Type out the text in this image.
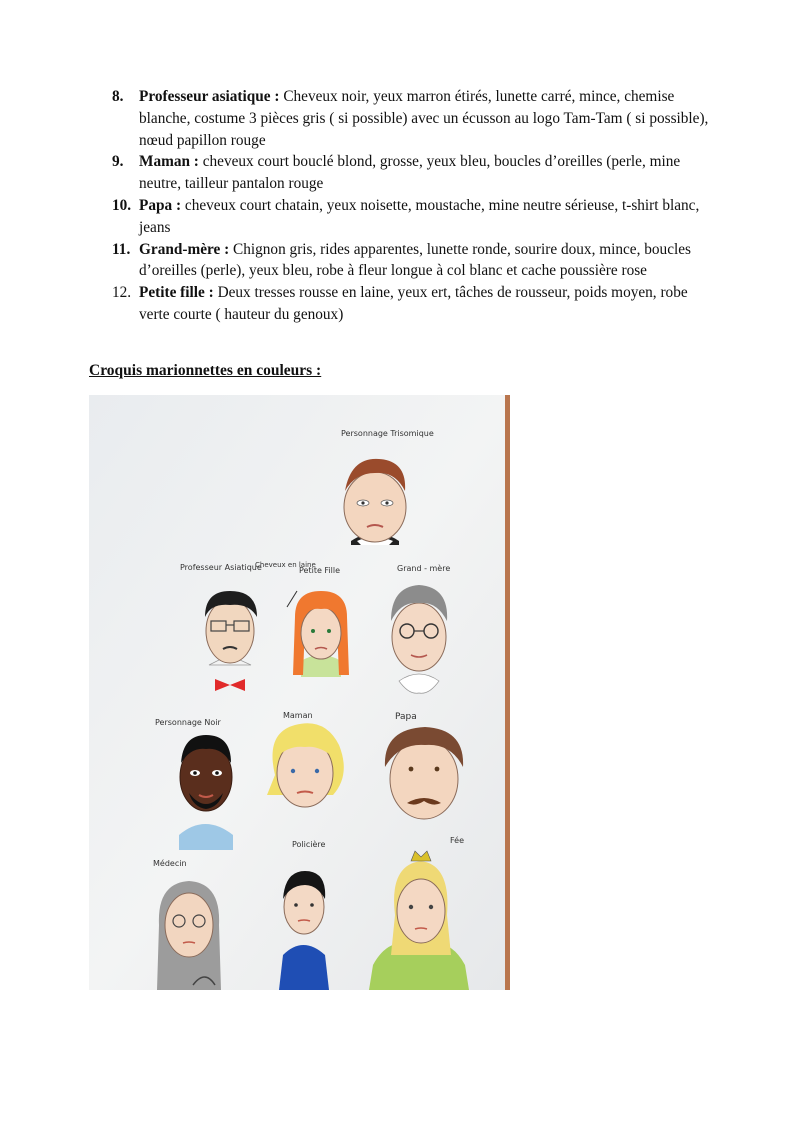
8. Professeur asiatique : Cheveux noir, yeux marron étirés, lunette carré, mince, chemise blanche, costume 3 pièces gris ( si possible) avec un écusson au logo Tam-Tam ( si possible), nœud papillon rouge
9. Maman : cheveux court bouclé blond, grosse, yeux bleu, boucles d’oreilles (perle, mine neutre, tailleur pantalon rouge
10. Papa : cheveux court chatain, yeux noisette, moustache, mine neutre sérieuse, t-shirt blanc, jeans
11. Grand-mère : Chignon gris, rides apparentes, lunette ronde, sourire doux, mince, boucles d’oreilles (perle), yeux bleu, robe à fleur longue à col blanc et cache poussière rose
12. Petite fille : Deux tresses rousse en laine, yeux ert, tâches de rousseur, poids moyen, robe verte courte ( hauteur du genoux)
Croquis marionnettes en couleurs :
Personnage Trisomique
Professeur Asiatique
Cheveux en laine
Petite Fille	Grand - mère
Personnage Noir
Maman	Papa
Policière	Fée
Médecin
